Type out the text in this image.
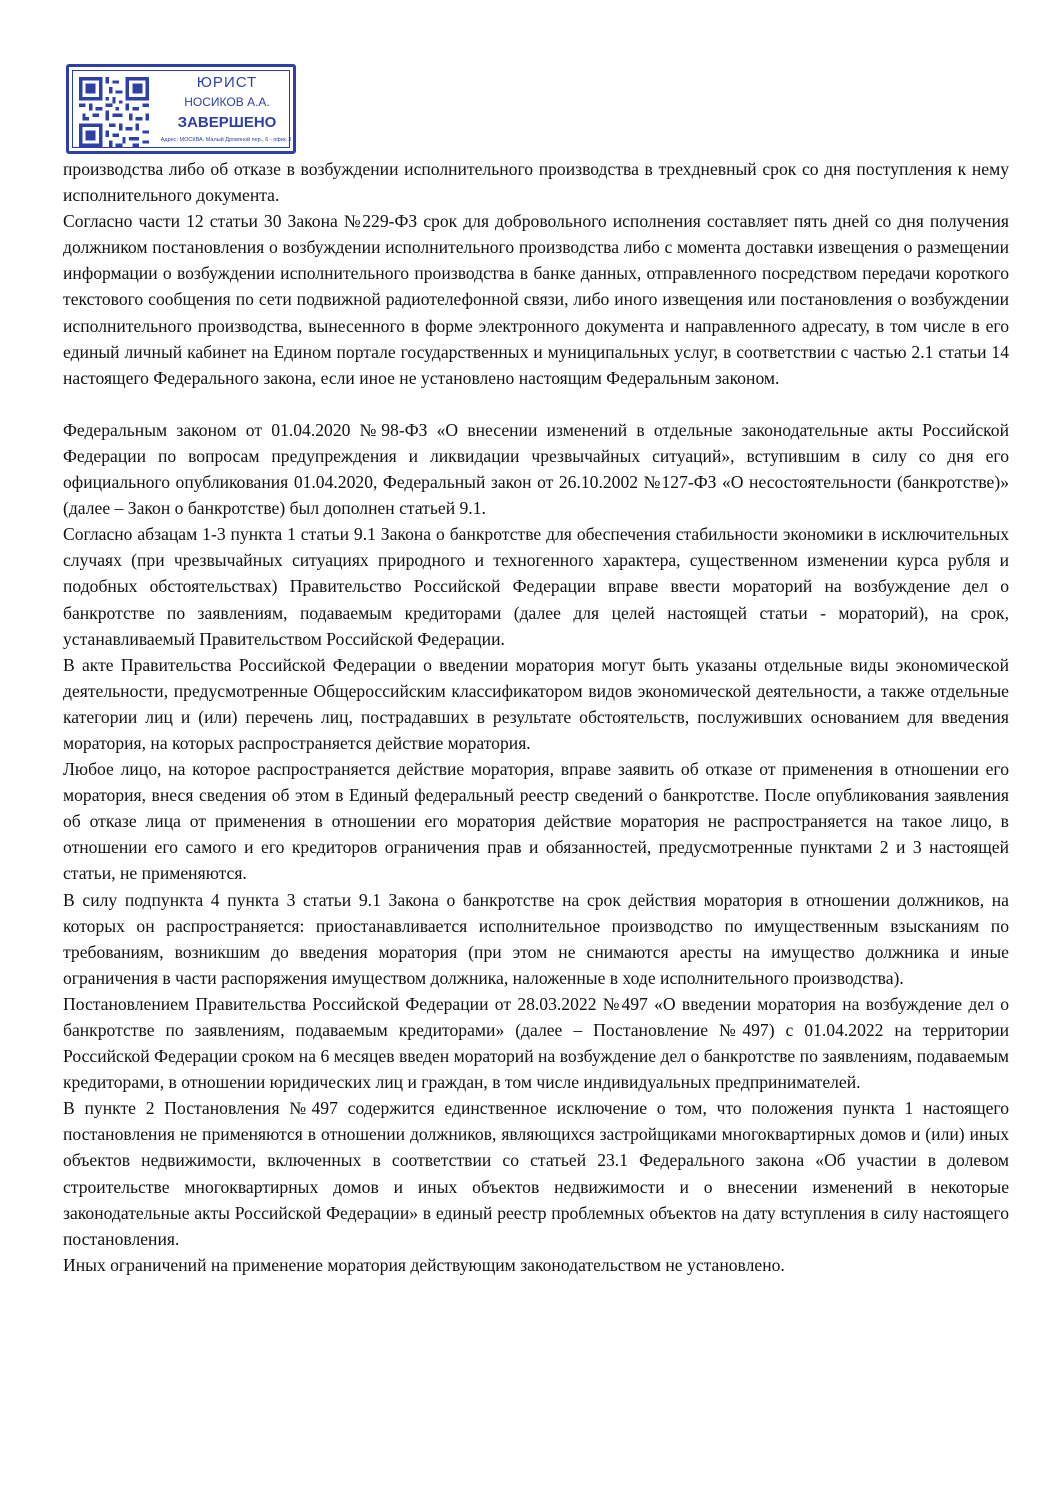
ЮРИСТ
НОСИКОВ А.А.
ЗАВЕРШЕНО
Адрес: МОСКВА, Малый Дровяной пер., 6 - офис 3

производства либо об отказе в возбуждении исполнительного производства в трехдневный срок со дня поступления к нему исполнительного документа.

Согласно части 12 статьи 30 Закона №229-ФЗ срок для добровольного исполнения составляет пять дней со дня получения должником постановления о возбуждении исполнительного производства либо с момента доставки извещения о размещении информации о возбуждении исполнительного производства в банке данных, отправленного посредством передачи короткого текстового сообщения по сети подвижной радиотелефонной связи, либо иного извещения или постановления о возбуждении исполнительного производства, вынесенного в форме электронного документа и направленного адресату, в том числе в его единый личный кабинет на Едином портале государственных и муниципальных услуг, в соответствии с частью 2.1 статьи 14 настоящего Федерального закона, если иное не установлено настоящим Федеральным законом.

Федеральным законом от 01.04.2020 №98-ФЗ «О внесении изменений в отдельные законодательные акты Российской Федерации по вопросам предупреждения и ликвидации чрезвычайных ситуаций», вступившим в силу со дня его официального опубликования 01.04.2020, Федеральный закон от 26.10.2002 №127-ФЗ «О несостоятельности (банкротстве)» (далее – Закон о банкротстве) был дополнен статьей 9.1.

Согласно абзацам 1-3 пункта 1 статьи 9.1 Закона о банкротстве для обеспечения стабильности экономики в исключительных случаях (при чрезвычайных ситуациях природного и техногенного характера, существенном изменении курса рубля и подобных обстоятельствах) Правительство Российской Федерации вправе ввести мораторий на возбуждение дел о банкротстве по заявлениям, подаваемым кредиторами (далее для целей настоящей статьи - мораторий), на срок, устанавливаемый Правительством Российской Федерации.

В акте Правительства Российской Федерации о введении моратория могут быть указаны отдельные виды экономической деятельности, предусмотренные Общероссийским классификатором видов экономической деятельности, а также отдельные категории лиц и (или) перечень лиц, пострадавших в результате обстоятельств, послуживших основанием для введения моратория, на которых распространяется действие моратория.

Любое лицо, на которое распространяется действие моратория, вправе заявить об отказе от применения в отношении его моратория, внеся сведения об этом в Единый федеральный реестр сведений о банкротстве. После опубликования заявления об отказе лица от применения в отношении его моратория действие моратория не распространяется на такое лицо, в отношении его самого и его кредиторов ограничения прав и обязанностей, предусмотренные пунктами 2 и 3 настоящей статьи, не применяются.

В силу подпункта 4 пункта 3 статьи 9.1 Закона о банкротстве на срок действия моратория в отношении должников, на которых он распространяется: приостанавливается исполнительное производство по имущественным взысканиям по требованиям, возникшим до введения моратория (при этом не снимаются аресты на имущество должника и иные ограничения в части распоряжения имуществом должника, наложенные в ходе исполнительного производства).

Постановлением Правительства Российской Федерации от 28.03.2022 №497 «О введении моратория на возбуждение дел о банкротстве по заявлениям, подаваемым кредиторами» (далее – Постановление №497) с 01.04.2022 на территории Российской Федерации сроком на 6 месяцев введен мораторий на возбуждение дел о банкротстве по заявлениям, подаваемым кредиторами, в отношении юридических лиц и граждан, в том числе индивидуальных предпринимателей.

В пункте 2 Постановления №497 содержится единственное исключение о том, что положения пункта 1 настоящего постановления не применяются в отношении должников, являющихся застройщиками многоквартирных домов и (или) иных объектов недвижимости, включенных в соответствии со статьей 23.1 Федерального закона «Об участии в долевом строительстве многоквартирных домов и иных объектов недвижимости и о внесении изменений в некоторые законодательные акты Российской Федерации» в единый реестр проблемных объектов на дату вступления в силу настоящего постановления.

Иных ограничений на применение моратория действующим законодательством не установлено.
